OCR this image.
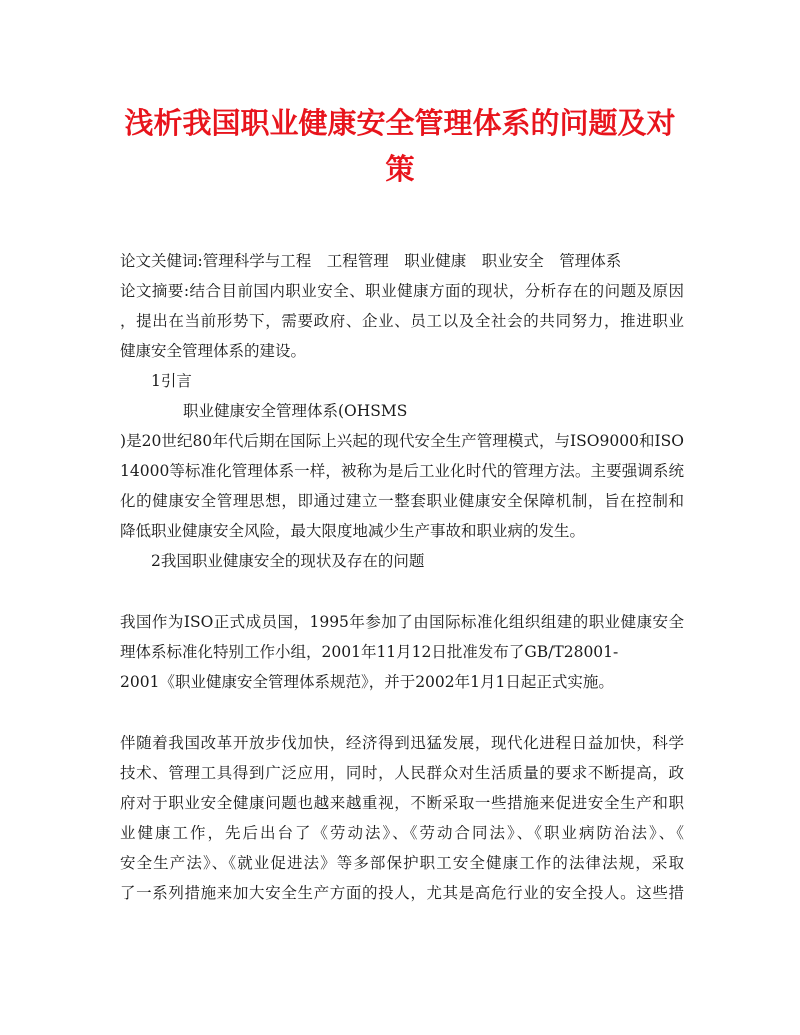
浅析我国职业健康安全管理体系的问题及对
策
论文关健词:管理科学与工程　工程管理　职业健康　职业安全　管理体系
论文摘要:结合目前国内职业安全、职业健康方面的现状，分析存在的问题及原因
，提出在当前形势下，需要政府、企业、员工以及全社会的共同努力，推进职业
健康安全管理体系的建设。
1引言
职业健康安全管理体系(OHSMS
)是20世纪80年代后期在国际上兴起的现代安全生产管理模式，与ISO9000和ISO
14000等标准化管理体系一样，被称为是后工业化时代的管理方法。主要强调系统
化的健康安全管理思想，即通过建立一整套职业健康安全保障机制，旨在控制和
降低职业健康安全风险，最大限度地减少生产事故和职业病的发生。
2我国职业健康安全的现状及存在的问题
我国作为ISO正式成员国，1995年参加了由国际标准化组织组建的职业健康安全
理体系标准化特别工作小组，2001年11月12日批准发布了GB/T28001-
2001《职业健康安全管理体系规范》，并于2002年1月1日起正式实施。
伴随着我国改革开放步伐加快，经济得到迅猛发展，现代化进程日益加快，科学
技术、管理工具得到广泛应用，同时，人民群众对生活质量的要求不断提高，政
府对于职业安全健康问题也越来越重视，不断采取一些措施来促进安全生产和职
业健康工作，先后出台了《劳动法》、《劳动合同法》、《职业病防治法》、《
安全生产法》、《就业促进法》等多部保护职工安全健康工作的法律法规，采取
了一系列措施来加大安全生产方面的投人，尤其是高危行业的安全投人。这些措
